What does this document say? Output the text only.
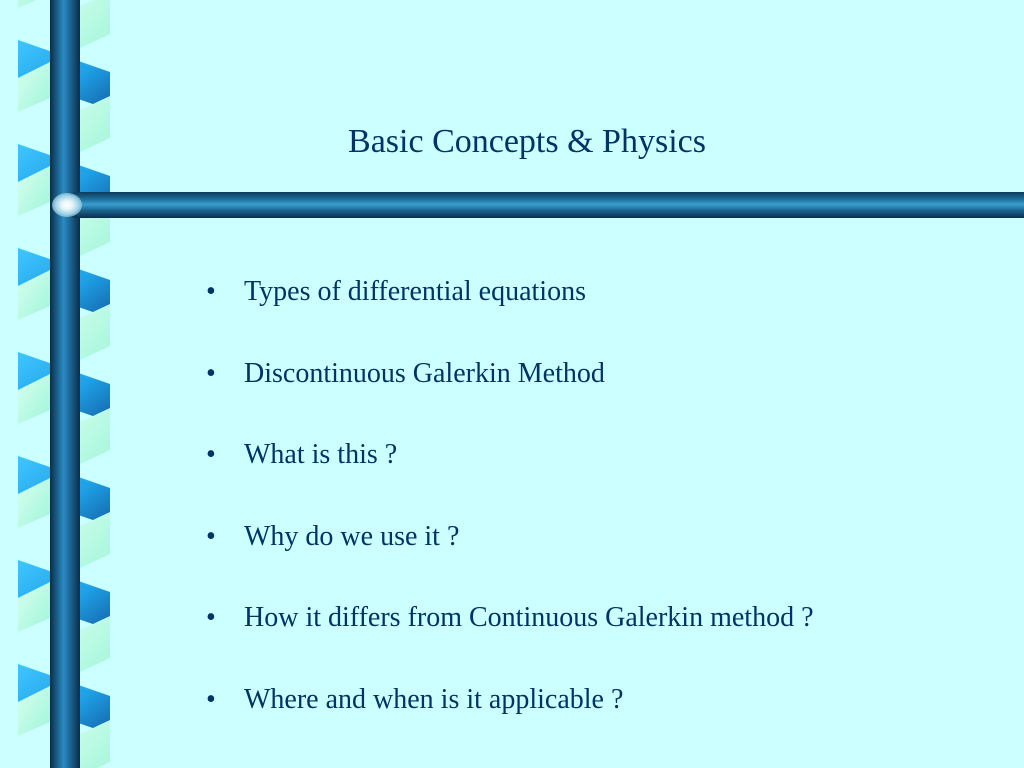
Basic Concepts & Physics
• Types of differential equations
• Discontinuous Galerkin Method
• What is this ?
• Why do we use it ?
• How it differs from Continuous Galerkin method ?
• Where and when is it applicable ?
